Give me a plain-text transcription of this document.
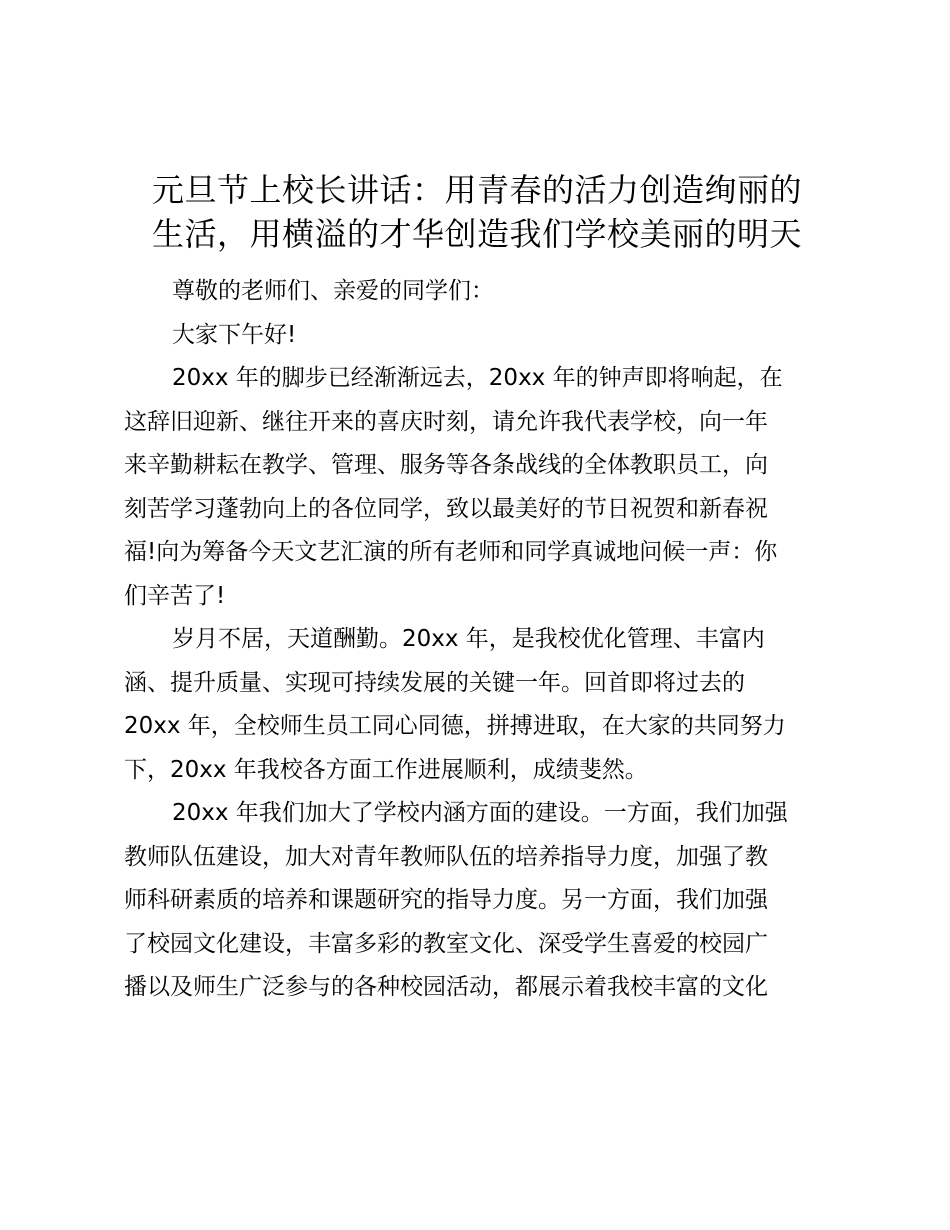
元旦节上校长讲话：用青春的活力创造绚丽的
生活，用横溢的才华创造我们学校美丽的明天
尊敬的老师们、亲爱的同学们：
大家下午好!
20xx 年的脚步已经渐渐远去，20xx 年的钟声即将响起，在
这辞旧迎新、继往开来的喜庆时刻，请允许我代表学校，向一年
来辛勤耕耘在教学、管理、服务等各条战线的全体教职员工，向
刻苦学习蓬勃向上的各位同学，致以最美好的节日祝贺和新春祝
福!向为筹备今天文艺汇演的所有老师和同学真诚地问候一声：你
们辛苦了!
岁月不居，天道酬勤。20xx 年，是我校优化管理、丰富内
涵、提升质量、实现可持续发展的关键一年。回首即将过去的
20xx 年，全校师生员工同心同德，拼搏进取，在大家的共同努力
下，20xx 年我校各方面工作进展顺利，成绩斐然。
20xx 年我们加大了学校内涵方面的建设。一方面，我们加强
教师队伍建设，加大对青年教师队伍的培养指导力度，加强了教
师科研素质的培养和课题研究的指导力度。另一方面，我们加强
了校园文化建设，丰富多彩的教室文化、深受学生喜爱的校园广
播以及师生广泛参与的各种校园活动，都展示着我校丰富的文化
